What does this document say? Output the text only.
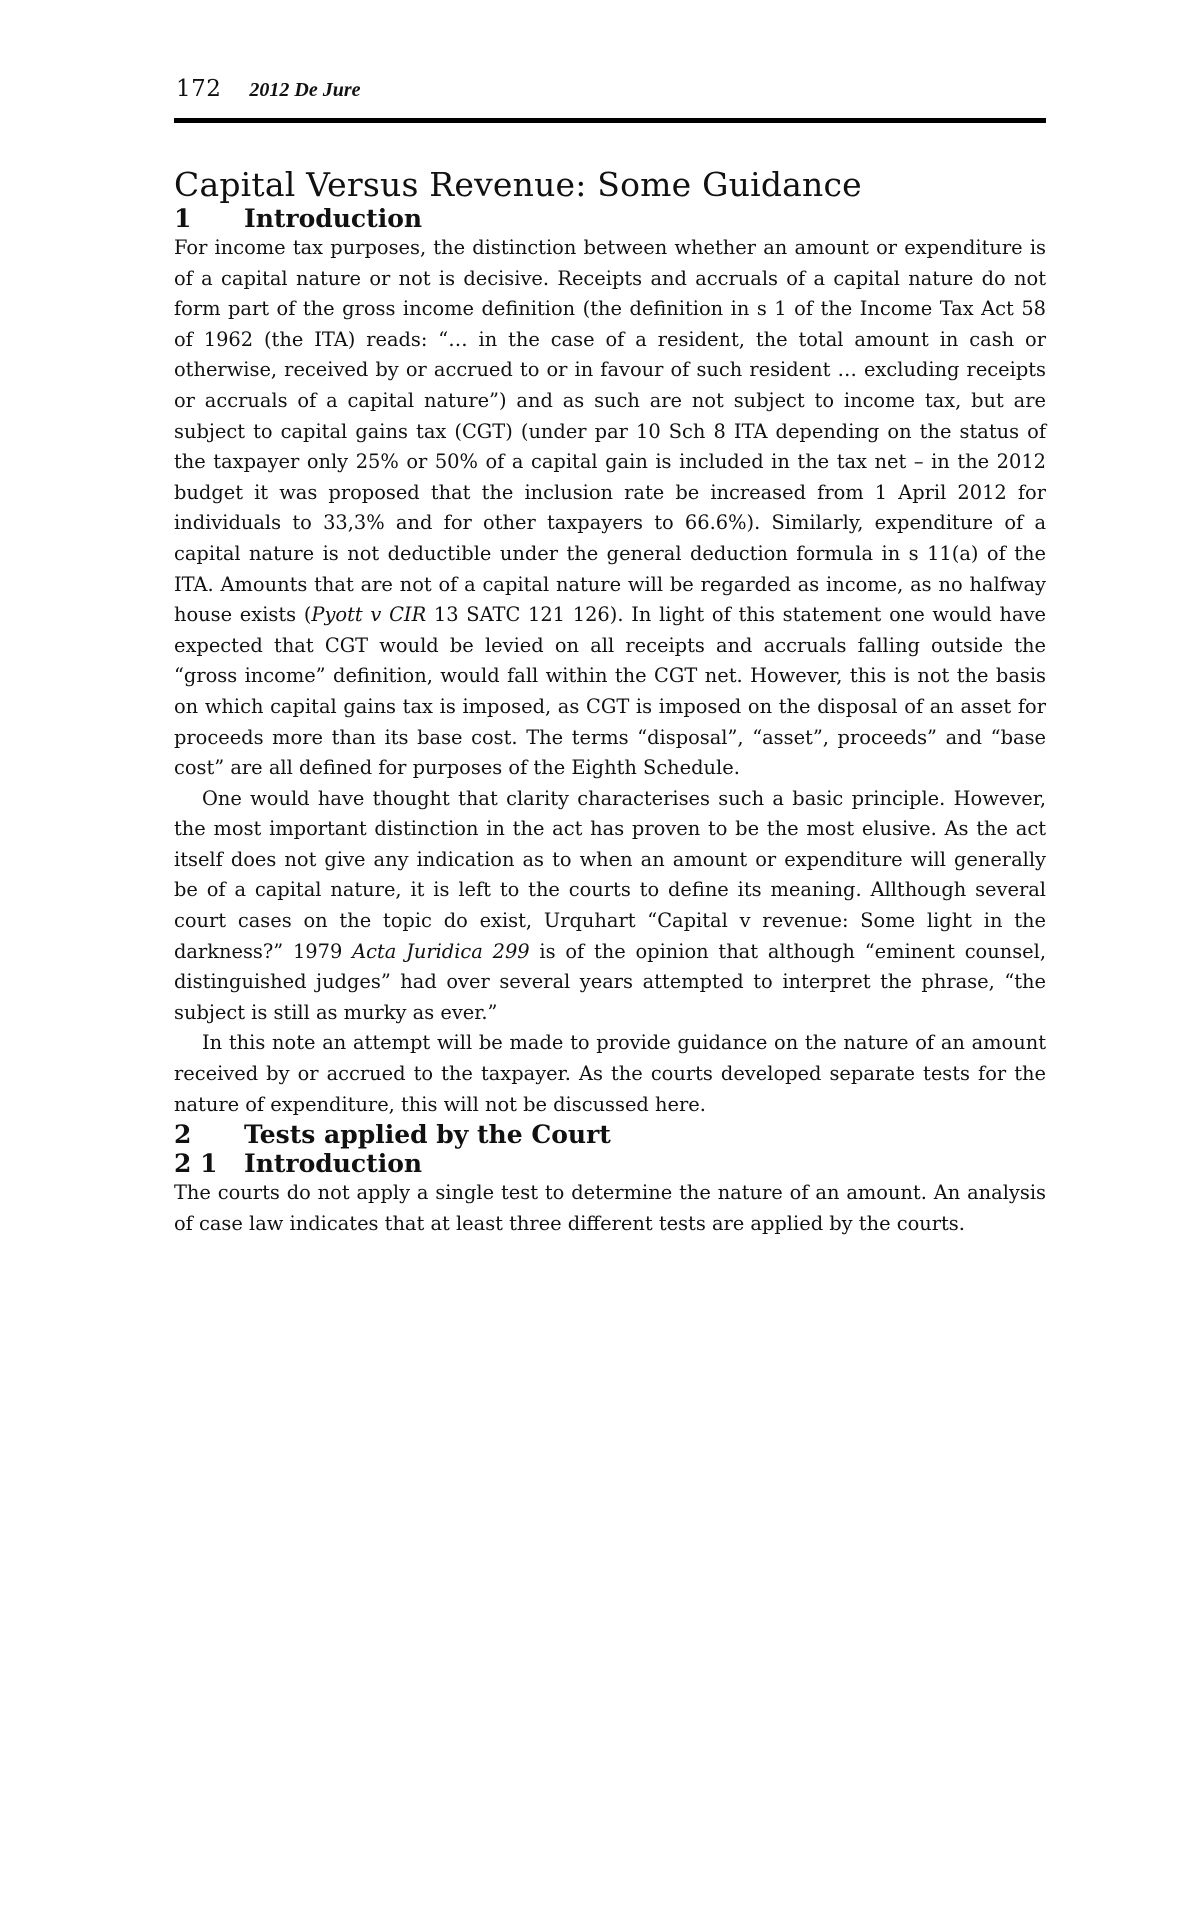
172 2012 De Jure
Capital Versus Revenue: Some Guidance
1	Introduction

For income tax purposes, the distinction between whether an amount or expenditure is of a capital nature or not is decisive. Receipts and accruals of a capital nature do not form part of the gross income definition (the definition in s 1 of the Income Tax Act 58 of 1962 (the ITA) reads: “… in the case of a resident, the total amount in cash or otherwise, received by or accrued to or in favour of such resident … excluding receipts or accruals of a capital nature”) and as such are not subject to income tax, but are subject to capital gains tax (CGT) (under par 10 Sch 8 ITA depending on the status of the taxpayer only 25% or 50% of a capital gain is included in the tax net – in the 2012 budget it was proposed that the inclusion rate be increased from 1 April 2012 for individuals to 33,3% and for other taxpayers to 66.6%). Similarly, expenditure of a capital nature is not deductible under the general deduction formula in s 11(a) of the ITA. Amounts that are not of a capital nature will be regarded as income, as no halfway house exists (Pyott v CIR 13 SATC 121 126). In light of this statement one would have expected that CGT would be levied on all receipts and accruals falling outside the “gross income” definition, would fall within the CGT net. However, this is not the basis on which capital gains tax is imposed, as CGT is imposed on the disposal of an asset for proceeds more than its base cost. The terms “disposal”, “asset”, proceeds” and “base cost” are all defined for purposes of the Eighth Schedule.

One would have thought that clarity characterises such a basic principle. However, the most important distinction in the act has proven to be the most elusive. As the act itself does not give any indication as to when an amount or expenditure will generally be of a capital nature, it is left to the courts to define its meaning. Allthough several court cases on the topic do exist, Urquhart “Capital v revenue: Some light in the darkness?” 1979 Acta Juridica 299 is of the opinion that although “eminent counsel, distinguished judges” had over several years attempted to interpret the phrase, “the subject is still as murky as ever.”

In this note an attempt will be made to provide guidance on the nature of an amount received by or accrued to the taxpayer. As the courts developed separate tests for the nature of expenditure, this will not be discussed here.

2	Tests applied by the Court
2 1	Introduction

The courts do not apply a single test to determine the nature of an amount. An analysis of case law indicates that at least three different tests are applied by the courts.
